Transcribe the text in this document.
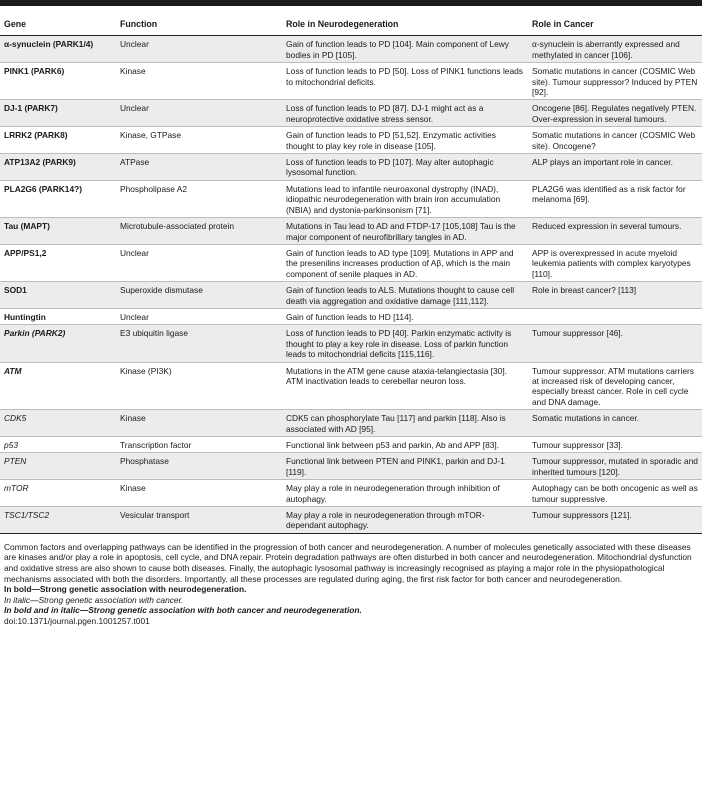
Gene	Function	Role in Neurodegeneration	Role in Cancer
α-synuclein (PARK1/4)	Unclear	Gain of function leads to PD [104]. Main component of Lewy bodies in PD [105].	α-synuclein is aberrantly expressed and methylated in cancer [106].
PINK1 (PARK6)	Kinase	Loss of function leads to PD [50]. Loss of PINK1 functions leads to mitochondrial deficits.	Somatic mutations in cancer (COSMIC Web site). Tumour suppressor? Induced by PTEN [92].
DJ-1 (PARK7)	Unclear	Loss of function leads to PD [87]. DJ-1 might act as a neuroprotective oxidative stress sensor.	Oncogene [86]. Regulates negatively PTEN. Over-expression in several tumours.
LRRK2 (PARK8)	Kinase, GTPase	Gain of function leads to PD [51,52]. Enzymatic activities thought to play key role in disease [105].	Somatic mutations in cancer (COSMIC Web site). Oncogene?
ATP13A2 (PARK9)	ATPase	Loss of function leads to PD [107]. May alter autophagic lysosomal function.	ALP plays an important role in cancer.
PLA2G6 (PARK14?)	Phospholipase A2	Mutations lead to infantile neuroaxonal dystrophy (INAD), idiopathic neurodegeneration with brain iron accumulation (NBIA) and dystonia-parkinsonism [71].	PLA2G6 was identified as a risk factor for melanoma [69].
Tau (MAPT)	Microtubule-associated protein	Mutations in Tau lead to AD and FTDP-17 [105,108] Tau is the major component of neurofibrillary tangles in AD.	Reduced expression in several tumours.
APP/PS1,2	Unclear	Gain of function leads to AD type [109]. Mutations in APP and the presenilins increases production of Aβ, which is the main component of senile plaques in AD.	APP is overexpressed in acute myeloid leukemia patients with complex karyotypes [110].
SOD1	Superoxide dismutase	Gain of function leads to ALS. Mutations thought to cause cell death via aggregation and oxidative damage [111,112].	Role in breast cancer? [113]
Huntingtin	Unclear	Gain of function leads to HD [114].	
Parkin (PARK2)	E3 ubiquitin ligase	Loss of function leads to PD [40]. Parkin enzymatic activity is thought to play a key role in disease. Loss of parkin function leads to mitochondrial deficits [115,116].	Tumour suppressor [46].
ATM	Kinase (PI3K)	Mutations in the ATM gene cause ataxia-telangiectasia [30]. ATM inactivation leads to cerebellar neuron loss.	Tumour suppressor. ATM mutations carriers at increased risk of developing cancer, especially breast cancer. Role in cell cycle and DNA damage.
CDK5	Kinase	CDK5 can phosphorylate Tau [117] and parkin [118]. Also is associated with AD [95].	Somatic mutations in cancer.
p53	Transcription factor	Functional link between p53 and parkin, Ab and APP [83].	Tumour suppressor [33].
PTEN	Phosphatase	Functional link between PTEN and PINK1, parkin and DJ-1 [119].	Tumour suppressor, mutated in sporadic and inherited tumours [120].
mTOR	Kinase	May play a role in neurodegeneration through inhibition of autophagy.	Autophagy can be both oncogenic as well as tumour suppressive.
TSC1/TSC2	Vesicular transport	May play a role in neurodegeneration through mTOR-dependant autophagy.	Tumour suppressors [121].

Common factors and overlapping pathways can be identified in the progression of both cancer and neurodegeneration. A number of molecules genetically associated with these diseases are kinases and/or play a role in apoptosis, cell cycle, and DNA repair. Protein degradation pathways are often disturbed in both cancer and neurodegeneration. Mitochondrial dysfunction and oxidative stress are also shown to cause both diseases. Finally, the autophagic lysosomal pathway is increasingly recognised as playing a major role in the physiopathological mechanisms associated with both the disorders. Importantly, all these processes are regulated during aging, the first risk factor for both cancer and neurodegeneration.

In bold—Strong genetic association with neurodegeneration.

In italic—Strong genetic association with cancer.

In bold and in italic—Strong genetic association with both cancer and neurodegeneration.

doi:10.1371/journal.pgen.1001257.t001
